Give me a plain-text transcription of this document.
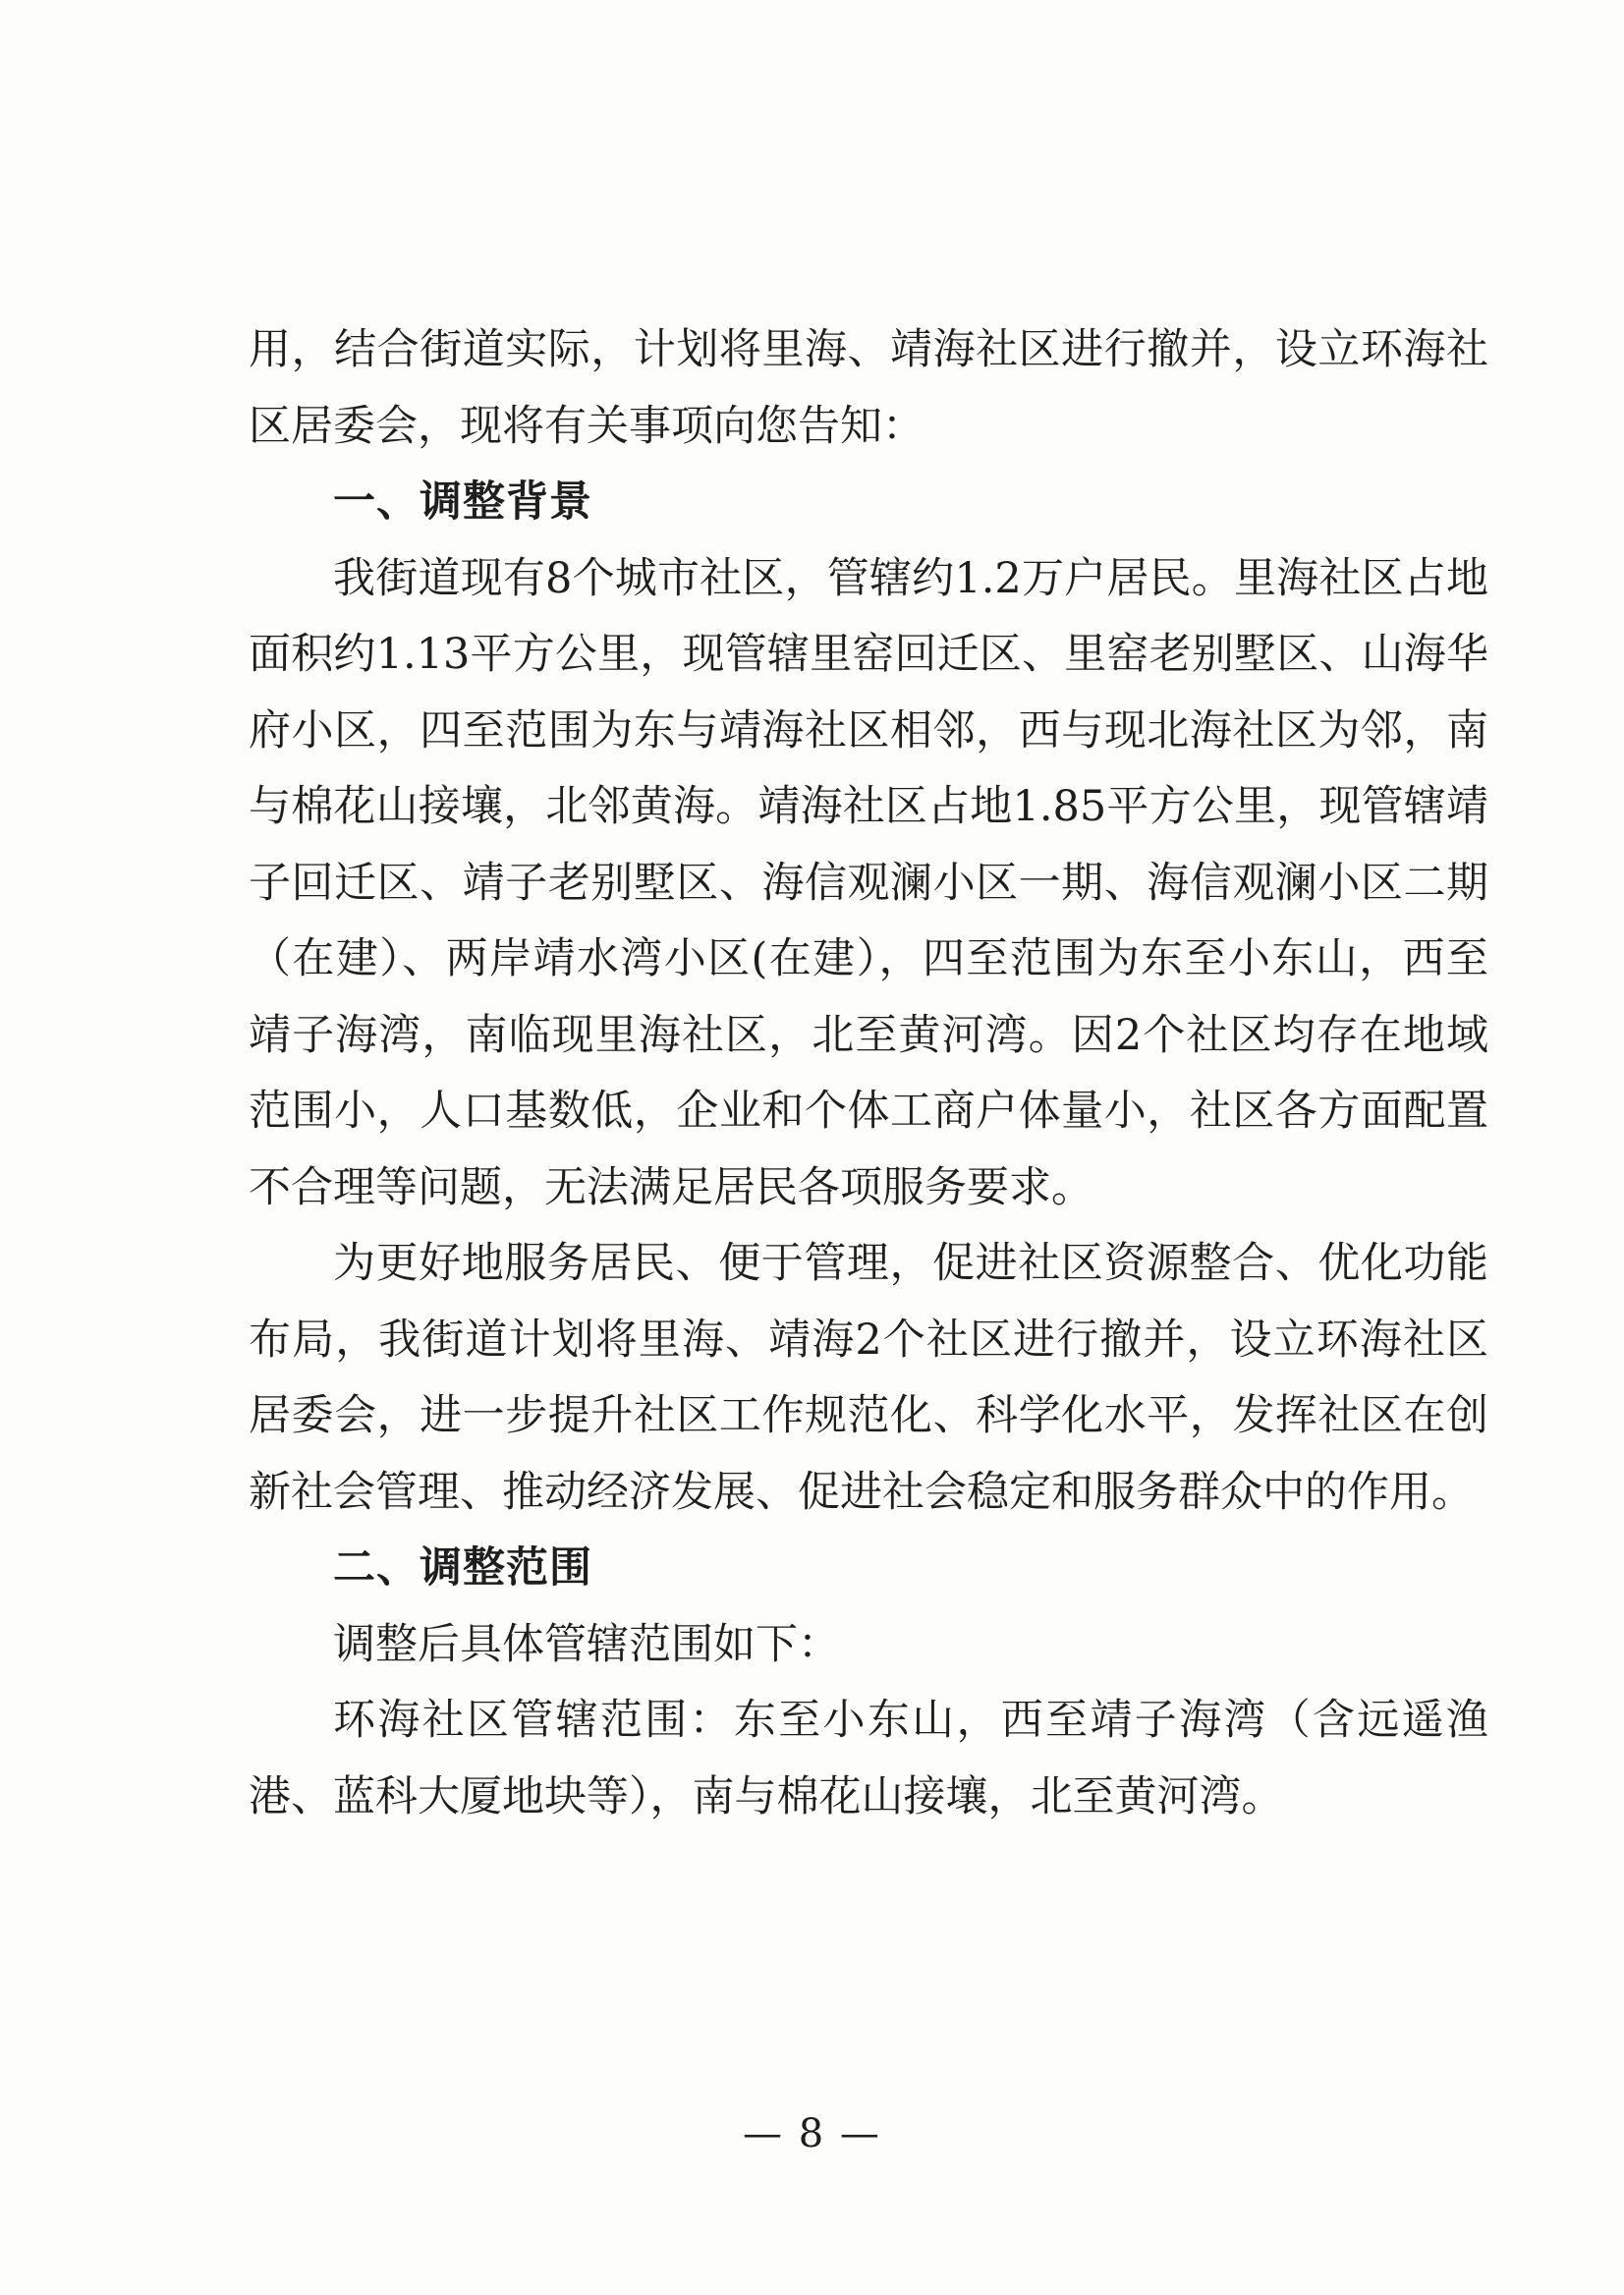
用，结合街道实际，计划将里海、靖海社区进行撤并，设立环海社区居委会，现将有关事项向您告知：

一、调整背景

我街道现有8个城市社区，管辖约1.2万户居民。里海社区占地面积约1.13平方公里，现管辖里窑回迁区、里窑老别墅区、山海华府小区，四至范围为东与靖海社区相邻，西与现北海社区为邻，南与棉花山接壤，北邻黄海。靖海社区占地1.85平方公里，现管辖靖子回迁区、靖子老别墅区、海信观澜小区一期、海信观澜小区二期（在建）、两岸靖水湾小区(在建），四至范围为东至小东山，西至靖子海湾，南临现里海社区，北至黄河湾。因2个社区均存在地域范围小，人口基数低，企业和个体工商户体量小，社区各方面配置不合理等问题，无法满足居民各项服务要求。

为更好地服务居民、便于管理，促进社区资源整合、优化功能布局，我街道计划将里海、靖海2个社区进行撤并，设立环海社区居委会，进一步提升社区工作规范化、科学化水平，发挥社区在创新社会管理、推动经济发展、促进社会稳定和服务群众中的作用。

二、调整范围

调整后具体管辖范围如下：

环海社区管辖范围：东至小东山，西至靖子海湾（含远遥渔港、蓝科大厦地块等），南与棉花山接壤，北至黄河湾。

— 8 —
